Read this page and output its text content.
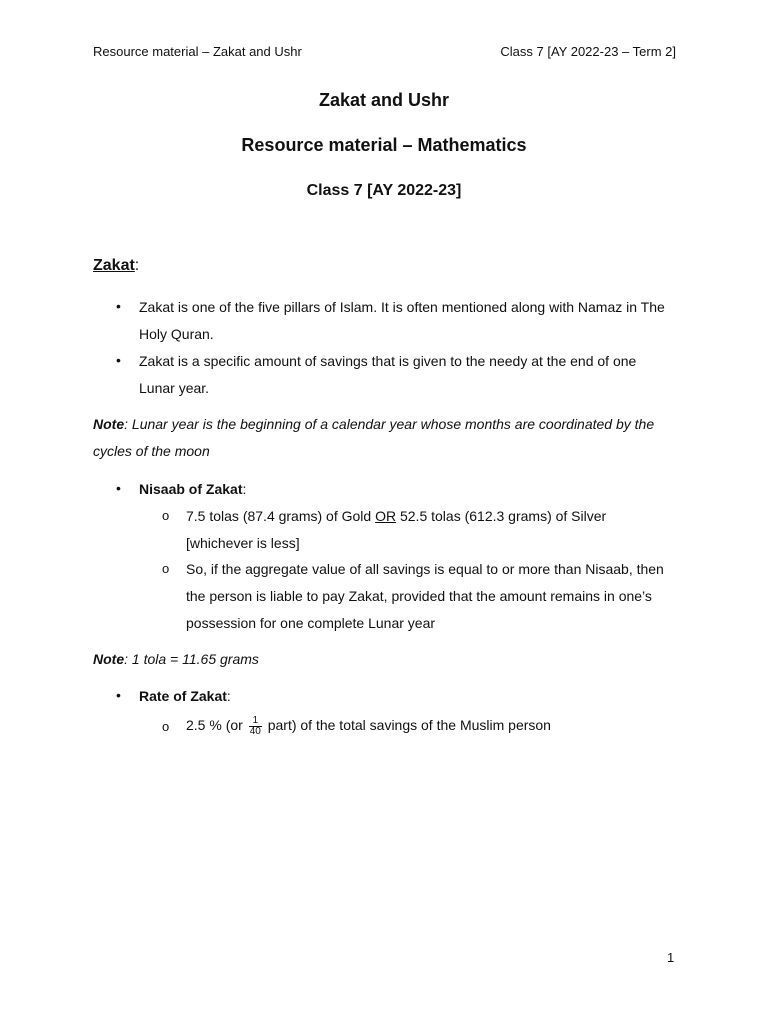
Resource material – Zakat and Ushr	Class 7 [AY 2022-23 – Term 2]
Zakat and Ushr
Resource material – Mathematics
Class 7 [AY 2022-23]
Zakat:
• Zakat is one of the five pillars of Islam. It is often mentioned along with Namaz in The
Holy Quran.
• Zakat is a specific amount of savings that is given to the needy at the end of one
Lunar year.
Note: Lunar year is the beginning of a calendar year whose months are coordinated by the
cycles of the moon
• Nisaab of Zakat:
o 7.5 tolas (87.4 grams) of Gold OR 52.5 tolas (612.3 grams) of Silver
[whichever is less]
o So, if the aggregate value of all savings is equal to or more than Nisaab, then
the person is liable to pay Zakat, provided that the amount remains in one’s
possession for one complete Lunar year
Note: 1 tola = 11.65 grams
• Rate of Zakat:
o 2.5 % ($or \frac{1}{40}$ part) of the total savings of the Muslim person
1
